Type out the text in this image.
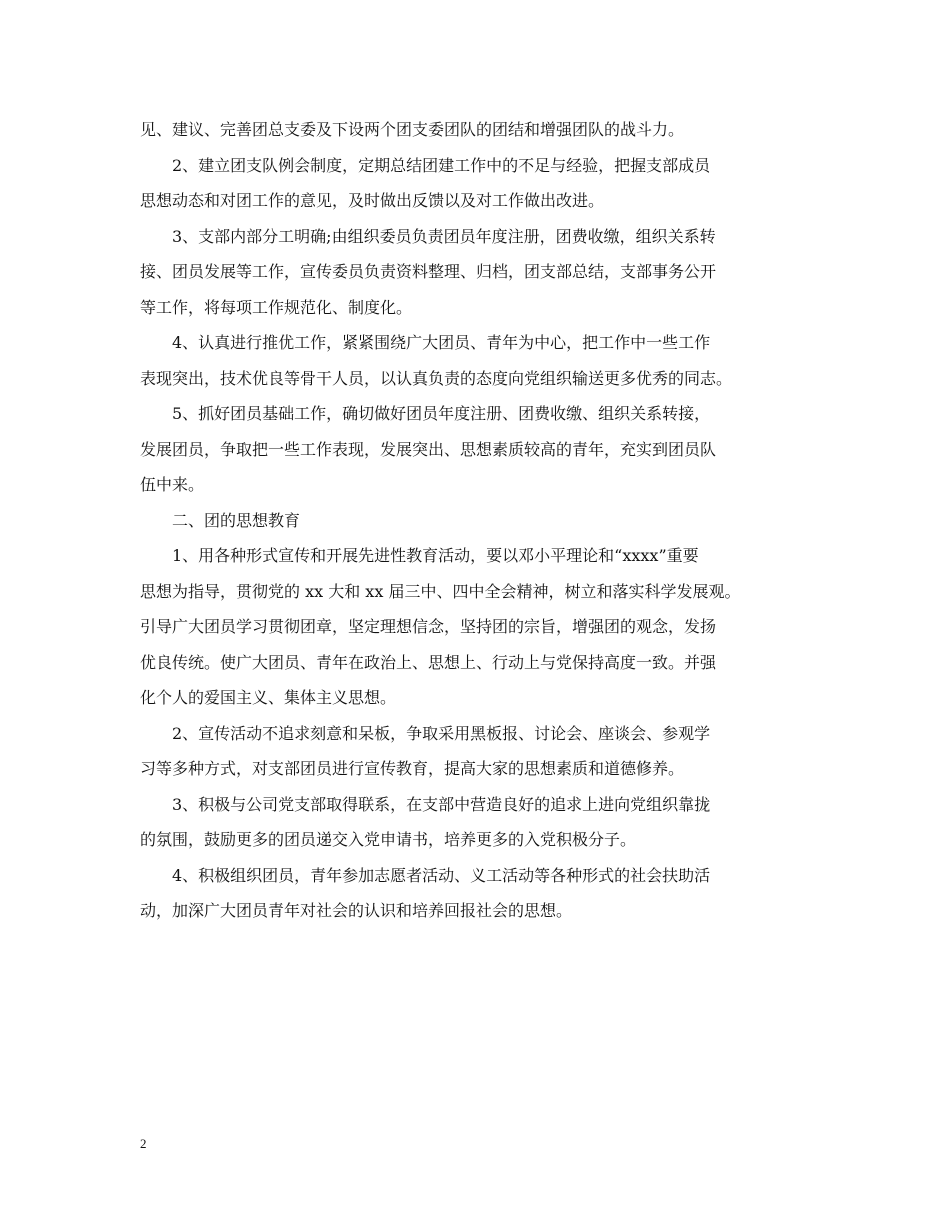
见、建议、完善团总支委及下设两个团支委团队的团结和增强团队的战斗力。
2、建立团支队例会制度，定期总结团建工作中的不足与经验，把握支部成员
思想动态和对团工作的意见，及时做出反馈以及对工作做出改进。
3、支部内部分工明确;由组织委员负责团员年度注册，团费收缴，组织关系转
接、团员发展等工作，宣传委员负责资料整理、归档，团支部总结，支部事务公开
等工作，将每项工作规范化、制度化。
4、认真进行推优工作，紧紧围绕广大团员、青年为中心，把工作中一些工作
表现突出，技术优良等骨干人员，以认真负责的态度向党组织输送更多优秀的同志。
5、抓好团员基础工作，确切做好团员年度注册、团费收缴、组织关系转接，
发展团员，争取把一些工作表现，发展突出、思想素质较高的青年，充实到团员队
伍中来。
二、团的思想教育
1、用各种形式宣传和开展先进性教育活动，要以邓小平理论和“xxxx”重要
思想为指导，贯彻党的 xx 大和 xx 届三中、四中全会精神，树立和落实科学发展观。
引导广大团员学习贯彻团章，坚定理想信念，坚持团的宗旨，增强团的观念，发扬
优良传统。使广大团员、青年在政治上、思想上、行动上与党保持高度一致。并强
化个人的爱国主义、集体主义思想。
2、宣传活动不追求刻意和呆板，争取采用黑板报、讨论会、座谈会、参观学
习等多种方式，对支部团员进行宣传教育，提高大家的思想素质和道德修养。
3、积极与公司党支部取得联系，在支部中营造良好的追求上进向党组织靠拢
的氛围，鼓励更多的团员递交入党申请书，培养更多的入党积极分子。
4、积极组织团员，青年参加志愿者活动、义工活动等各种形式的社会扶助活
动，加深广大团员青年对社会的认识和培养回报社会的思想。
2
